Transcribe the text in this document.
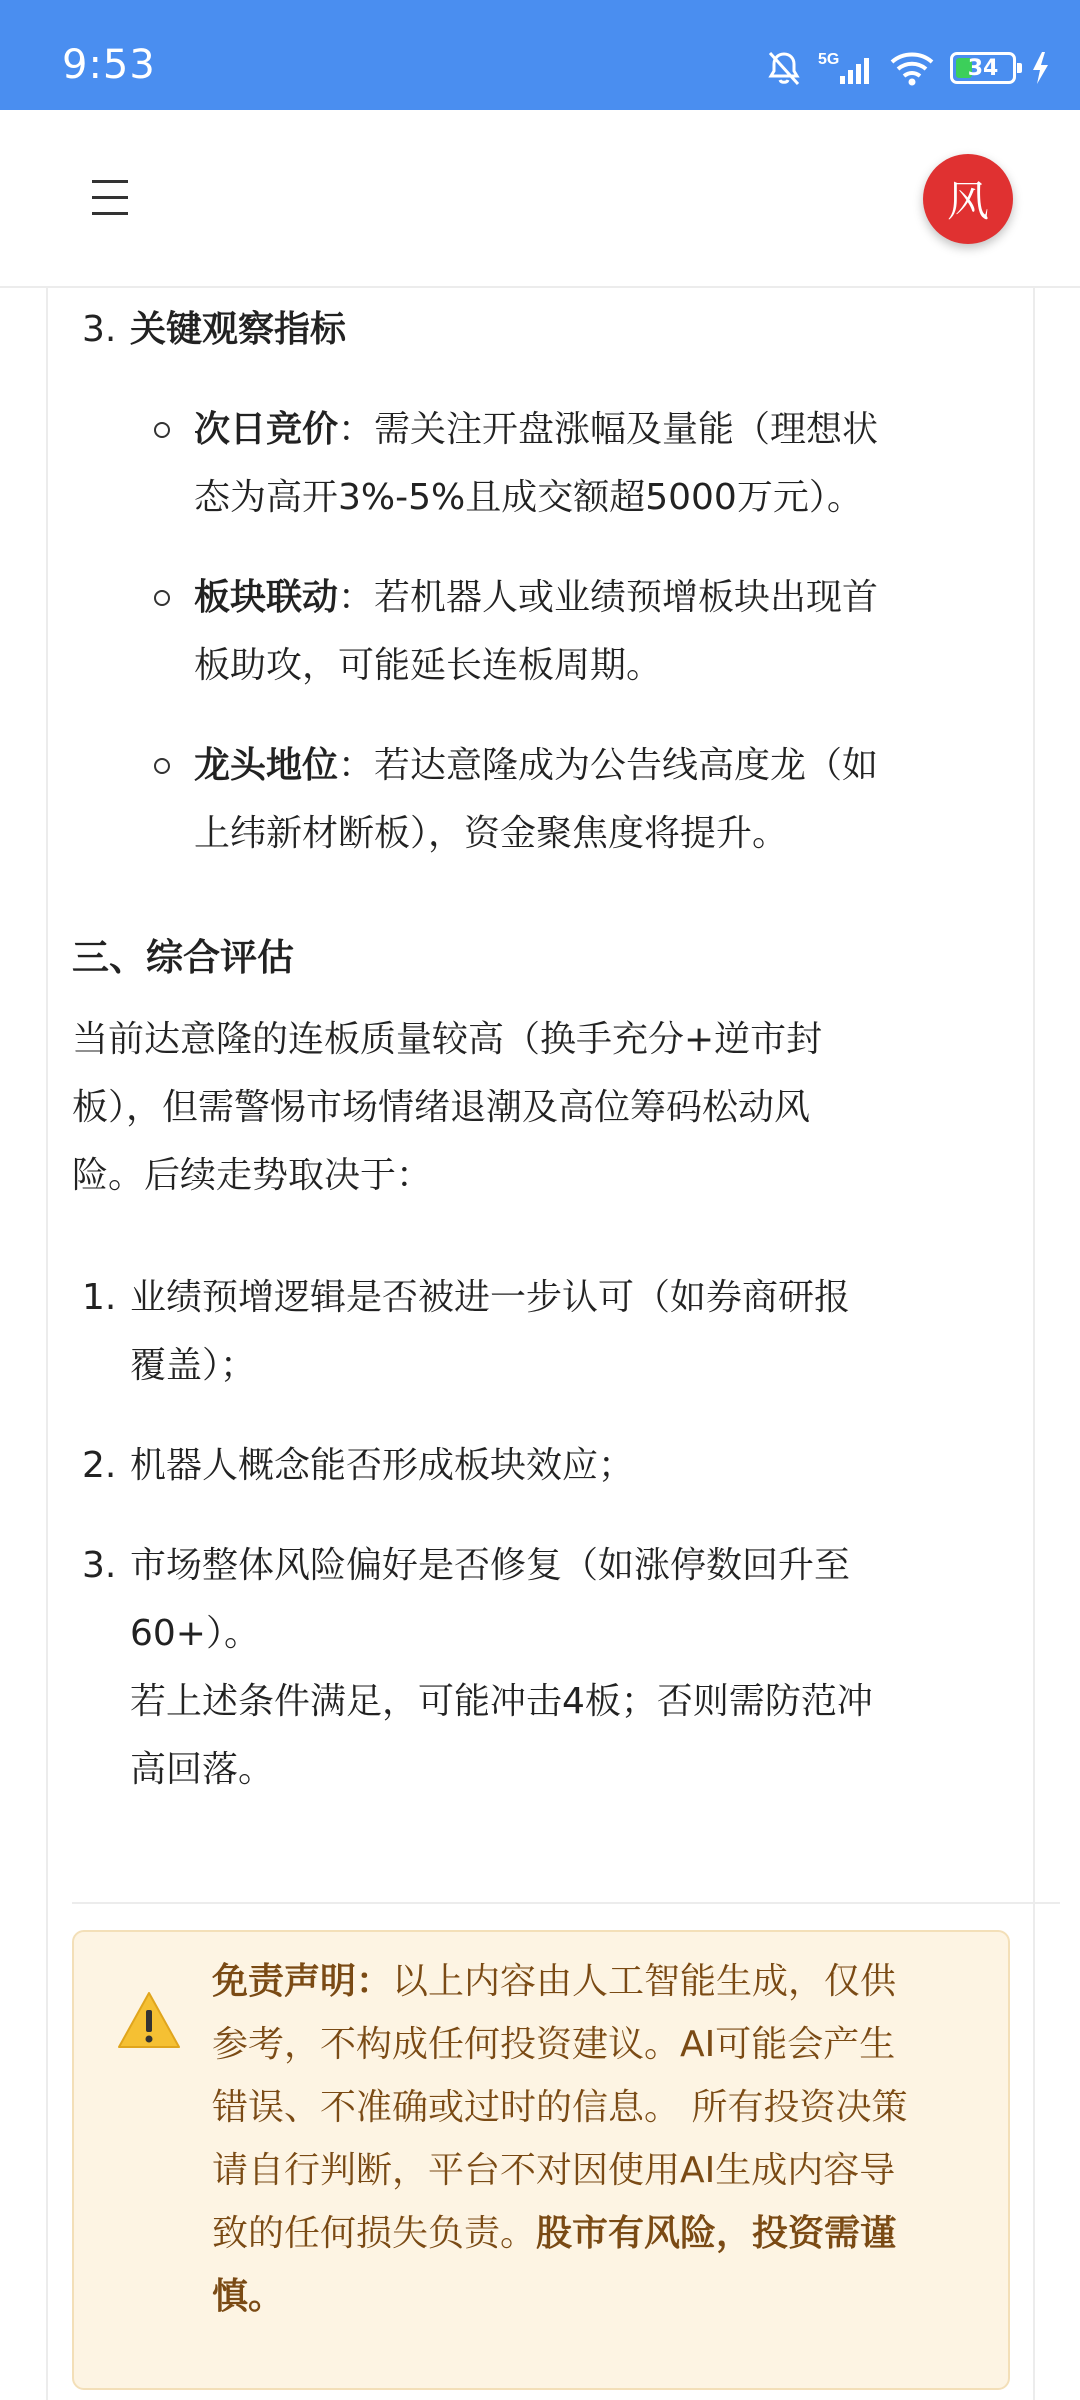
9:53	5G	34
风
3. 关键观察指标
次日竞价：需关注开盘涨幅及量能（理想状
态为高开3%-5%且成交额超5000万元）。
板块联动：若机器人或业绩预增板块出现首
板助攻，可能延长连板周期。
龙头地位：若达意隆成为公告线高度龙（如
上纬新材断板），资金聚焦度将提升。
三、综合评估
当前达意隆的连板质量较高（换手充分+逆市封
板），但需警惕市场情绪退潮及高位筹码松动风
险。后续走势取决于：
1. 业绩预增逻辑是否被进一步认可（如券商研报
覆盖）；
2. 机器人概念能否形成板块效应；
3. 市场整体风险偏好是否修复（如涨停数回升至
60+）。
若上述条件满足，可能冲击4板；否则需防范冲
高回落。
免责声明：以上内容由人工智能生成，仅供
参考，不构成任何投资建议。AI可能会产生
错误、不准确或过时的信息。 所有投资决策
请自行判断，平台不对因使用AI生成内容导
致的任何损失负责。股市有风险，投资需谨
慎。
